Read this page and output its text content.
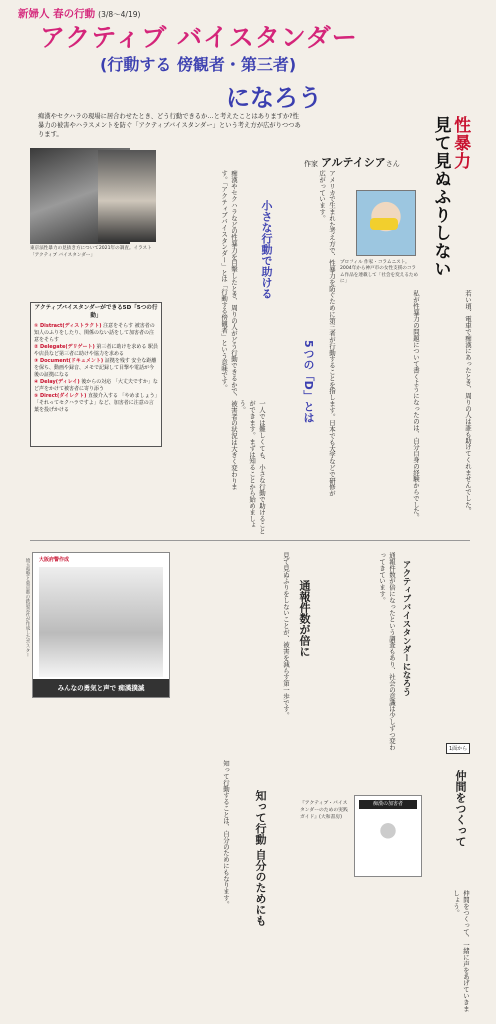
新婦人 春の行動 (3/8～4/19)
アクティブ バイスタンダー
(行動する 傍観者・第三者)
になろう
痴漢やセクハラの現場に居合わせたとき、どう行動できるか…と考えたことはありますか?性暴力の被害やハラスメントを防ぐ「アクティブバイスタンダー」という考え方が広がりつつあります。
作家 アルテイシアさん	性暴力
見て見ぬふりしない
東京法性暴力の見抜き方について2021年の調査。イラスト 「アクティブ バイスタンダー」
アクティブバイスタンダーができる5D「5つの行動」
① Distract(ディストラクト) 注意をそらす 被害者の知人のふりをしたり、関係のない話をして加害者の注意をそらす
② Delegate(デリゲート) 第三者に助けを求める 駅員や店員など第三者に助けや協力を求める
③ Document(ドキュメント) 証拠を残す 安全な距離を保ち、動画や録音、メモで記録して目撃や電話が今後の証拠になる
④ Delay(ディレイ) 後からの対応 「大丈夫ですか」など声をかけて被害者に寄り添う
⑤ Direct(ダイレクト) 直接介入する 「やめましょう」「それってセクハラですよ」など、加害者に注意の言葉を投げかける	痴漢やセクハラなどの性暴力を目撃したとき、周りの人がどう行動できるかで、被害者の状況は大きく変わります。「アクティブバイスタンダー」とは「行動する傍観者」という意味です。	小さな行動で助ける	アメリカで生まれた考え方で、性暴力を防ぐために第三者が行動することを指します。日本でも大学などで研修が広がっています。
5つの「D」とは
一人では難しくても、小さな行動で助けることができます。まずは知ることから始めましょう。
プロフィル 作家・コラムニスト。2004年から神戸市の女性支援のコラム作品を連載して「社会を変えるために」
私が性暴力の問題について書くようになったのは、自分自身の経験からでした。	若い頃、電車で痴漢にあったとき、周りの人は誰も助けてくれませんでした。
大阪府警作成
みんなの勇気と声で 痴漢撲滅
埼玉県警と東京都の鉄道会社が作成したポスター	見て見ぬふりをしないことが、被害を減らす第一歩です。 通報件数が倍に	通報件数が倍になったという調査もあり、社会の意識は少しずつ変わってきています。	アクティブバイスタンダーになろう
1面から
知って行動することは、自分のためにもなります。 知って行動 自分のためにも	『アクティブ・バイスタンダーのための実践ガイド』(大和書房)
痴漢の加害者	仲間をつくって
仲間をつくって、一緒に声をあげていきましょう。
